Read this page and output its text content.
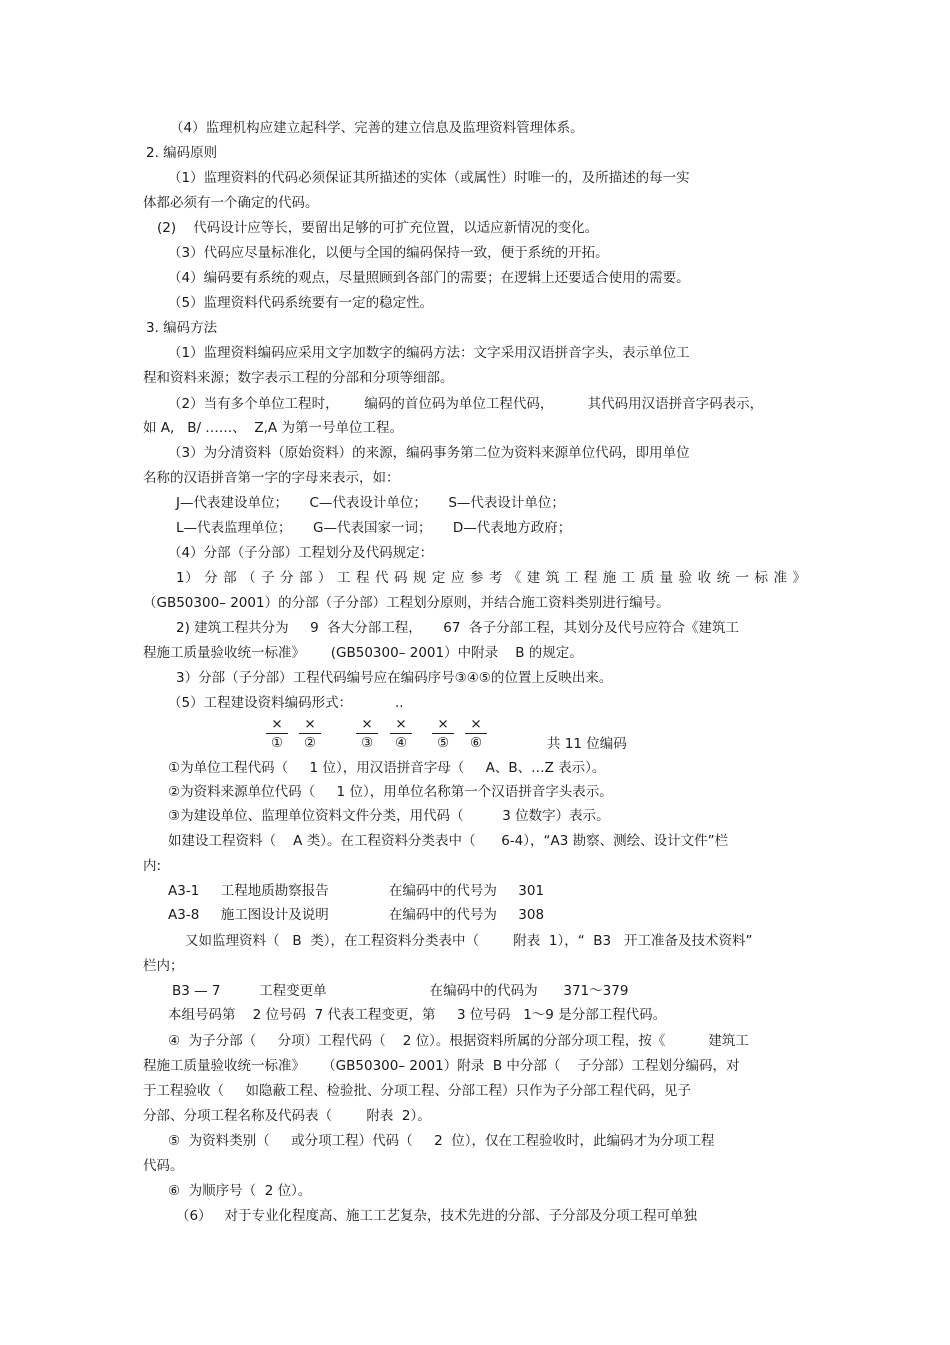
（4）监理机构应建立起科学、完善的建立信息及监理资料管理体系。
2. 编码原则
（1）监理资料的代码必须保证其所描述的实体（或属性）时唯一的，及所描述的每一实
体都必须有一个确定的代码。
(2)    代码设计应等长，要留出足够的可扩充位置，以适应新情况的变化。
（3）代码应尽量标准化，以便与全国的编码保持一致，便于系统的开拓。
（4）编码要有系统的观点，尽量照顾到各部门的需要；在逻辑上还要适合使用的需要。
（5）监理资料代码系统要有一定的稳定性。
3. 编码方法
（1）监理资料编码应采用文字加数字的编码方法：文字采用汉语拼音字头，表示单位工
程和资料来源；数字表示工程的分部和分项等细部。
（2）当有多个单位工程时，      编码的首位码为单位工程代码，        其代码用汉语拼音字码表示，
如 A,   B/ ……、  Z,A 为第一号单位工程。
（3）为分清资料（原始资料）的来源，编码事务第二位为资料来源单位代码，即用单位
名称的汉语拼音第一字的字母来表示，如：
J—代表建设单位；     C—代表设计单位；     S—代表设计单位；
L—代表监理单位；     G—代表国家一词；     D—代表地方政府；
（4）分部（子分部）工程划分及代码规定：
1） 分 部 （ 子 分 部 ） 工 程 代 码 规 定 应 参 考 《 建 筑 工 程 施 工 质 量 验 收 统 一 标 准 》
（GB50300– 2001）的分部（子分部）工程划分原则，并结合施工资料类别进行编号。
2) 建筑工程共分为     9  各大分部工程，     67  各子分部工程，其划分及代号应符合《建筑工
程施工质量验收统一标准》      (GB50300– 2001）中附录    B 的规定。
3）分部（子分部）工程代码编号应在编码序号③④⑤的位置上反映出来。
（5）工程建设资料编码形式：          ..
×
①
×
②
×
③
×
④
×
⑤
×
⑥	共 11 位编码
①为单位工程代码（     1 位），用汉语拼音字母（     A、B、…Z 表示）。
②为资料来源单位代码（     1 位），用单位名称第一个汉语拼音字头表示。
③为建设单位、监理单位资料文件分类，用代码（         3 位数字）表示。
如建设工程资料（    A 类）。在工程资料分类表中（      6-4），“A3 勘察、测绘、设计文件”栏
内:
A3-1     工程地质勘察报告              在编码中的代号为     301
A3-8     施工图设计及说明              在编码中的代号为     308
又如监理资料（   B  类），在工程资料分类表中（        附表  1），“  B3   开工准备及技术资料”
栏内；
B3 — 7         工程变更单                        在编码中的代码为      371～379
本组号码第    2 位号码  7 代表工程变更，第     3 位号码   1～9 是分部工程代码。
④  为子分部（     分项）工程代码（    2 位）。根据资料所属的分部分项工程，按《          建筑工
程施工质量验收统一标准》    （GB50300– 2001）附录  B 中分部（    子分部）工程划分编码，对
于工程验收（     如隐蔽工程、检验批、分项工程、分部工程）只作为子分部工程代码，见子
分部、分项工程名称及代码表（        附表  2）。
⑤  为资料类别（     或分项工程）代码（     2  位），仅在工程验收时，此编码才为分项工程
代码。
⑥  为顺序号（  2 位）。
（6）   对于专业化程度高、施工工艺复杂，技术先进的分部、子分部及分项工程可单独
